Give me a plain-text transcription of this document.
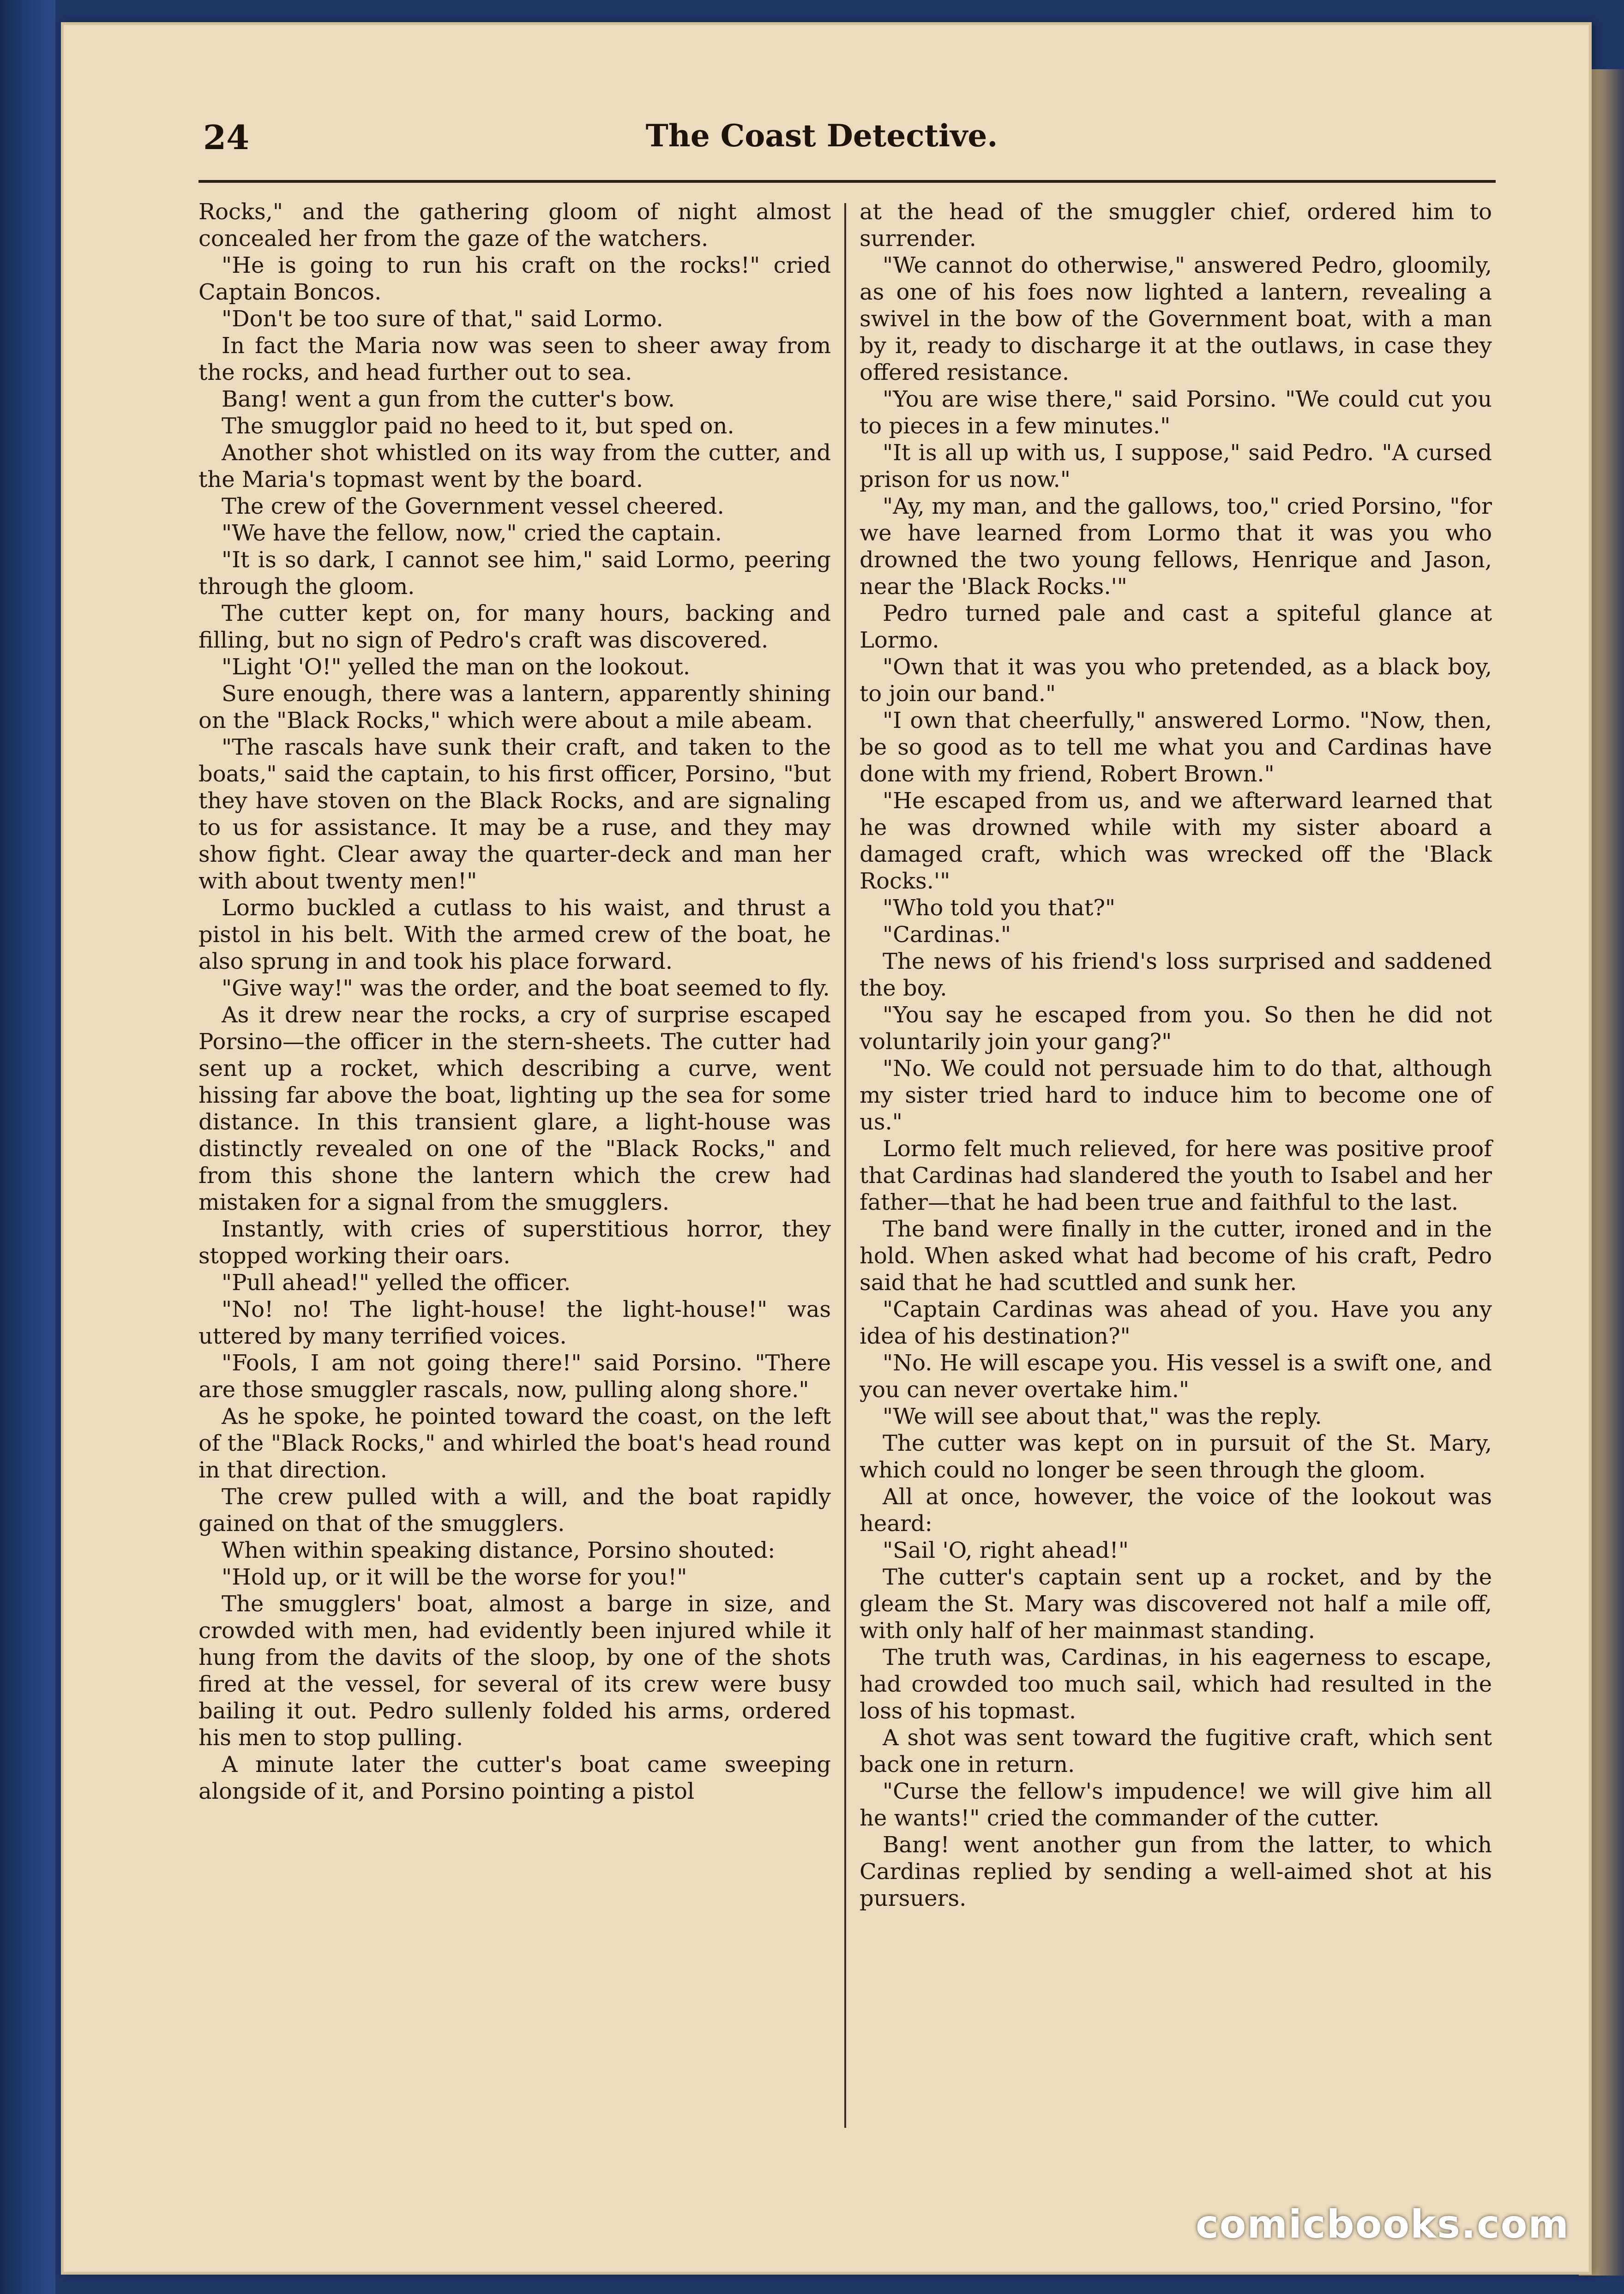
24	The Coast Detective.

Rocks," and the gathering gloom of night almost concealed her from the gaze of the watchers.

"He is going to run his craft on the rocks!" cried Captain Boncos.

"Don't be too sure of that," said Lormo.

In fact the Maria now was seen to sheer away from the rocks, and head further out to sea.

Bang! went a gun from the cutter's bow.

The smugglor paid no heed to it, but sped on.

Another shot whistled on its way from the cutter, and the Maria's topmast went by the board.

The crew of the Government vessel cheered.

"We have the fellow, now," cried the captain.

"It is so dark, I cannot see him," said Lormo, peering through the gloom.

The cutter kept on, for many hours, backing and filling, but no sign of Pedro's craft was discovered.

"Light 'O!" yelled the man on the lookout.

Sure enough, there was a lantern, apparently shining on the "Black Rocks," which were about a mile abeam.

"The rascals have sunk their craft, and taken to the boats," said the captain, to his first officer, Porsino, "but they have stoven on the Black Rocks, and are signaling to us for assistance. It may be a ruse, and they may show fight. Clear away the quarter-deck and man her with about twenty men!"

Lormo buckled a cutlass to his waist, and thrust a pistol in his belt. With the armed crew of the boat, he also sprung in and took his place forward.

"Give way!" was the order, and the boat seemed to fly.

As it drew near the rocks, a cry of surprise escaped Porsino—the officer in the stern-sheets. The cutter had sent up a rocket, which describing a curve, went hissing far above the boat, lighting up the sea for some distance. In this transient glare, a light-house was distinctly revealed on one of the "Black Rocks," and from this shone the lantern which the crew had mistaken for a signal from the smugglers.

Instantly, with cries of superstitious horror, they stopped working their oars.

"Pull ahead!" yelled the officer.

"No! no! The light-house! the light-house!" was uttered by many terrified voices.

"Fools, I am not going there!" said Porsino. "There are those smuggler rascals, now, pulling along shore."

As he spoke, he pointed toward the coast, on the left of the "Black Rocks," and whirled the boat's head round in that direction.

The crew pulled with a will, and the boat rapidly gained on that of the smugglers.

When within speaking distance, Porsino shouted:

"Hold up, or it will be the worse for you!"

The smugglers' boat, almost a barge in size, and crowded with men, had evidently been injured while it hung from the davits of the sloop, by one of the shots fired at the vessel, for several of its crew were busy bailing it out. Pedro sullenly folded his arms, ordered his men to stop pulling.

A minute later the cutter's boat came sweeping alongside of it, and Porsino pointing a pistol

at the head of the smuggler chief, ordered him to surrender.

"We cannot do otherwise," answered Pedro, gloomily, as one of his foes now lighted a lantern, revealing a swivel in the bow of the Government boat, with a man by it, ready to discharge it at the outlaws, in case they offered resistance.

"You are wise there," said Porsino. "We could cut you to pieces in a few minutes."

"It is all up with us, I suppose," said Pedro. "A cursed prison for us now."

"Ay, my man, and the gallows, too," cried Porsino, "for we have learned from Lormo that it was you who drowned the two young fellows, Henrique and Jason, near the 'Black Rocks.'"

Pedro turned pale and cast a spiteful glance at Lormo.

"Own that it was you who pretended, as a black boy, to join our band."

"I own that cheerfully," answered Lormo. "Now, then, be so good as to tell me what you and Cardinas have done with my friend, Robert Brown."

"He escaped from us, and we afterward learned that he was drowned while with my sister aboard a damaged craft, which was wrecked off the 'Black Rocks.'"

"Who told you that?"

"Cardinas."

The news of his friend's loss surprised and saddened the boy.

"You say he escaped from you. So then he did not voluntarily join your gang?"

"No. We could not persuade him to do that, although my sister tried hard to induce him to become one of us."

Lormo felt much relieved, for here was positive proof that Cardinas had slandered the youth to Isabel and her father—that he had been true and faithful to the last.

The band were finally in the cutter, ironed and in the hold. When asked what had become of his craft, Pedro said that he had scuttled and sunk her.

"Captain Cardinas was ahead of you. Have you any idea of his destination?"

"No. He will escape you. His vessel is a swift one, and you can never overtake him."

"We will see about that," was the reply.

The cutter was kept on in pursuit of the St. Mary, which could no longer be seen through the gloom.

All at once, however, the voice of the lookout was heard:

"Sail 'O, right ahead!"

The cutter's captain sent up a rocket, and by the gleam the St. Mary was discovered not half a mile off, with only half of her mainmast standing.

The truth was, Cardinas, in his eagerness to escape, had crowded too much sail, which had resulted in the loss of his topmast.

A shot was sent toward the fugitive craft, which sent back one in return.

"Curse the fellow's impudence! we will give him all he wants!" cried the commander of the cutter.

Bang! went another gun from the latter, to which Cardinas replied by sending a well-aimed shot at his pursuers.

comicbooks.com
